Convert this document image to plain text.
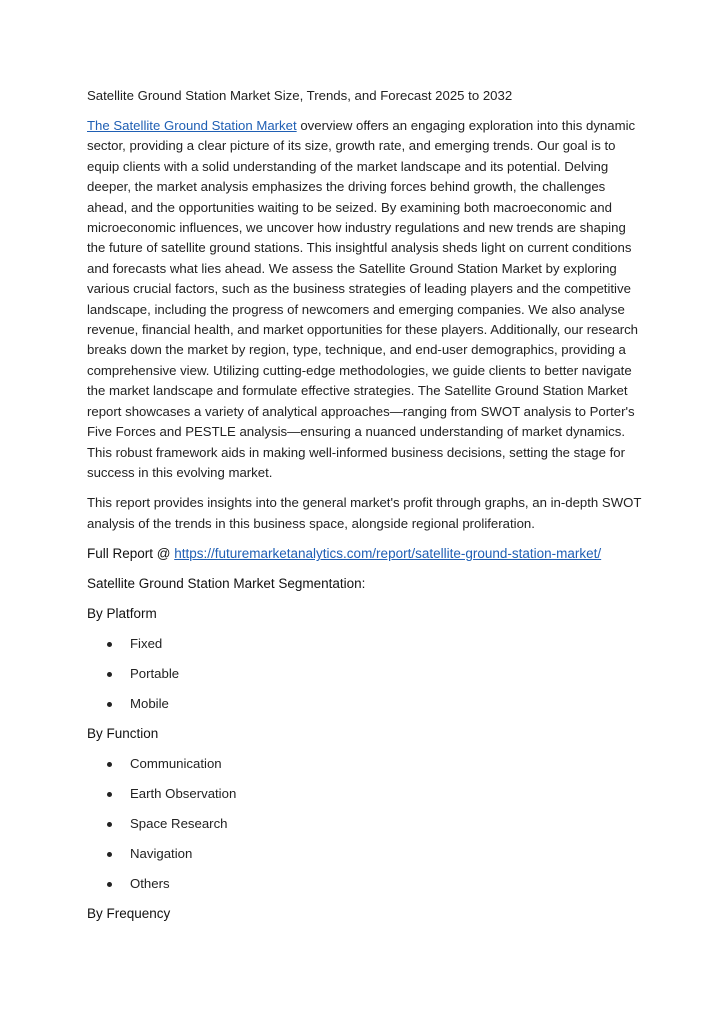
Satellite Ground Station Market Size, Trends, and Forecast 2025 to 2032

The Satellite Ground Station Market overview offers an engaging exploration into this dynamic sector, providing a clear picture of its size, growth rate, and emerging trends. Our goal is to equip clients with a solid understanding of the market landscape and its potential. Delving deeper, the market analysis emphasizes the driving forces behind growth, the challenges ahead, and the opportunities waiting to be seized. By examining both macroeconomic and microeconomic influences, we uncover how industry regulations and new trends are shaping the future of satellite ground stations. This insightful analysis sheds light on current conditions and forecasts what lies ahead. We assess the Satellite Ground Station Market by exploring various crucial factors, such as the business strategies of leading players and the competitive landscape, including the progress of newcomers and emerging companies. We also analyse revenue, financial health, and market opportunities for these players. Additionally, our research breaks down the market by region, type, technique, and end-user demographics, providing a comprehensive view. Utilizing cutting-edge methodologies, we guide clients to better navigate the market landscape and formulate effective strategies. The Satellite Ground Station Market report showcases a variety of analytical approaches—ranging from SWOT analysis to Porter's Five Forces and PESTLE analysis—ensuring a nuanced understanding of market dynamics. This robust framework aids in making well-informed business decisions, setting the stage for success in this evolving market.

This report provides insights into the general market's profit through graphs, an in-depth SWOT analysis of the trends in this business space, alongside regional proliferation.

Full Report @ https://futuremarketanalytics.com/report/satellite-ground-station-market/

Satellite Ground Station Market Segmentation:

By Platform

Fixed
Portable
Mobile

By Function

Communication
Earth Observation
Space Research
Navigation
Others

By Frequency
